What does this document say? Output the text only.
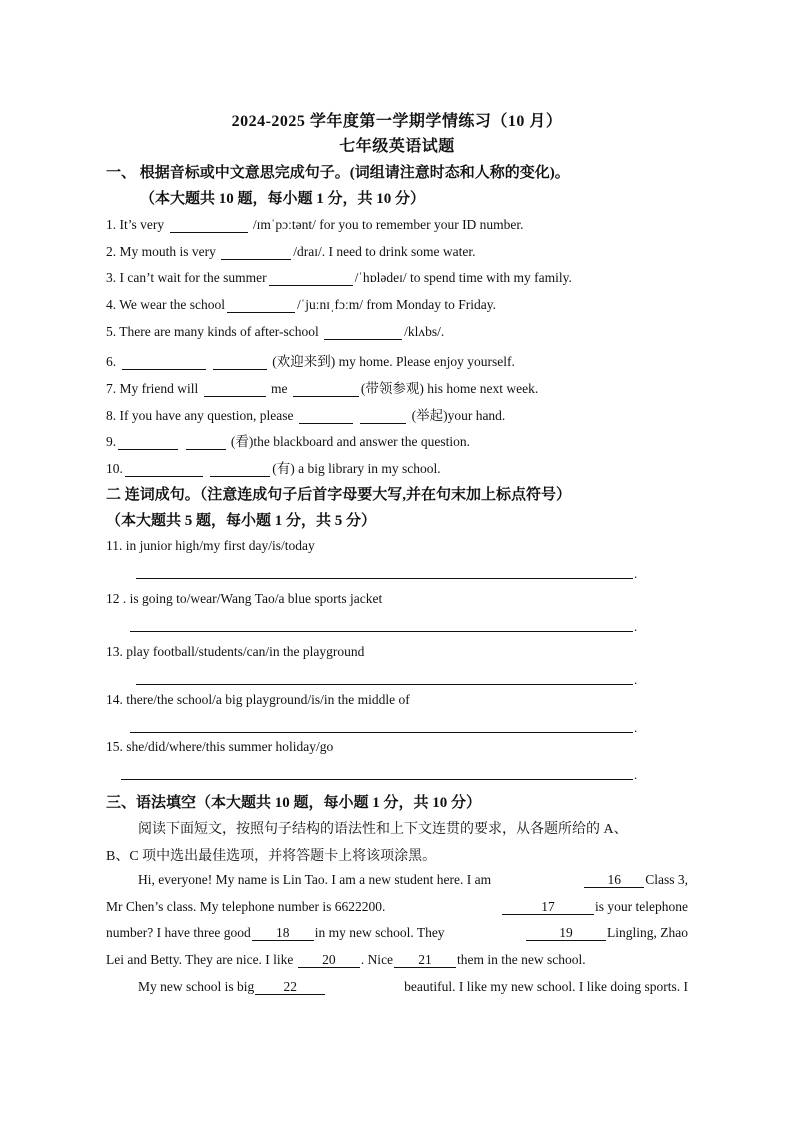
2024-2025 学年度第一学期学情练习（10 月）
七年级英语试题
一、 根据音标或中文意思完成句子。(词组请注意时态和人称的变化)。
（本大题共 10 题，每小题 1 分，共 10 分）
1. It’s very	/ɪmˈpɔːtənt/ for you to remember your ID number.
2. My mouth is very	/draɪ/. I need to drink some water.
3. I can’t wait for the summer	/ˈhɒlədeɪ/ to spend time with my family.
4. We wear the school	/ˈjuːnɪˌfɔːm/ from Monday to Friday.
5. There are many kinds of after-school	/klʌbs/.
6.	(欢迎来到) my home. Please enjoy yourself.
7. My friend will	me	(带领参观) his home next week.
8. If you have any question, please	(举起)your hand.
9.	(看)the blackboard and answer the question.
10.	(有) a big library in my school.
二 连词成句。（注意连成句子后首字母要大写,并在句末加上标点符号）
（本大题共 5 题，每小题 1 分，共 5 分）
11. in junior high/my first day/is/today
.
12 . is going to/wear/Wang Tao/a blue sports jacket
.
13. play football/students/can/in the playground
.
14. there/the school/a big playground/is/in the middle of
.
15. she/did/where/this summer holiday/go
.
三、语法填空（本大题共 10 题，每小题 1 分，共 10 分）
阅读下面短文，按照句子结构的语法性和上下文连贯的要求，从各题所给的 A、
B、C 项中选出最佳选项，并将答题卡上将该项涂黑。
Hi, everyone! My name is Lin Tao. I am a new student here. I am	16 Class 3,
Mr Chen’s class. My telephone number is 6622200.	17	is your telephone
number? I have three good 18 in my new school. They	19	Lingling, Zhao
Lei and Betty. They are nice. I like 20 . Nice 21 them in the new school.
My new school is big 22	beautiful. I like my new school. I like doing sports. I
